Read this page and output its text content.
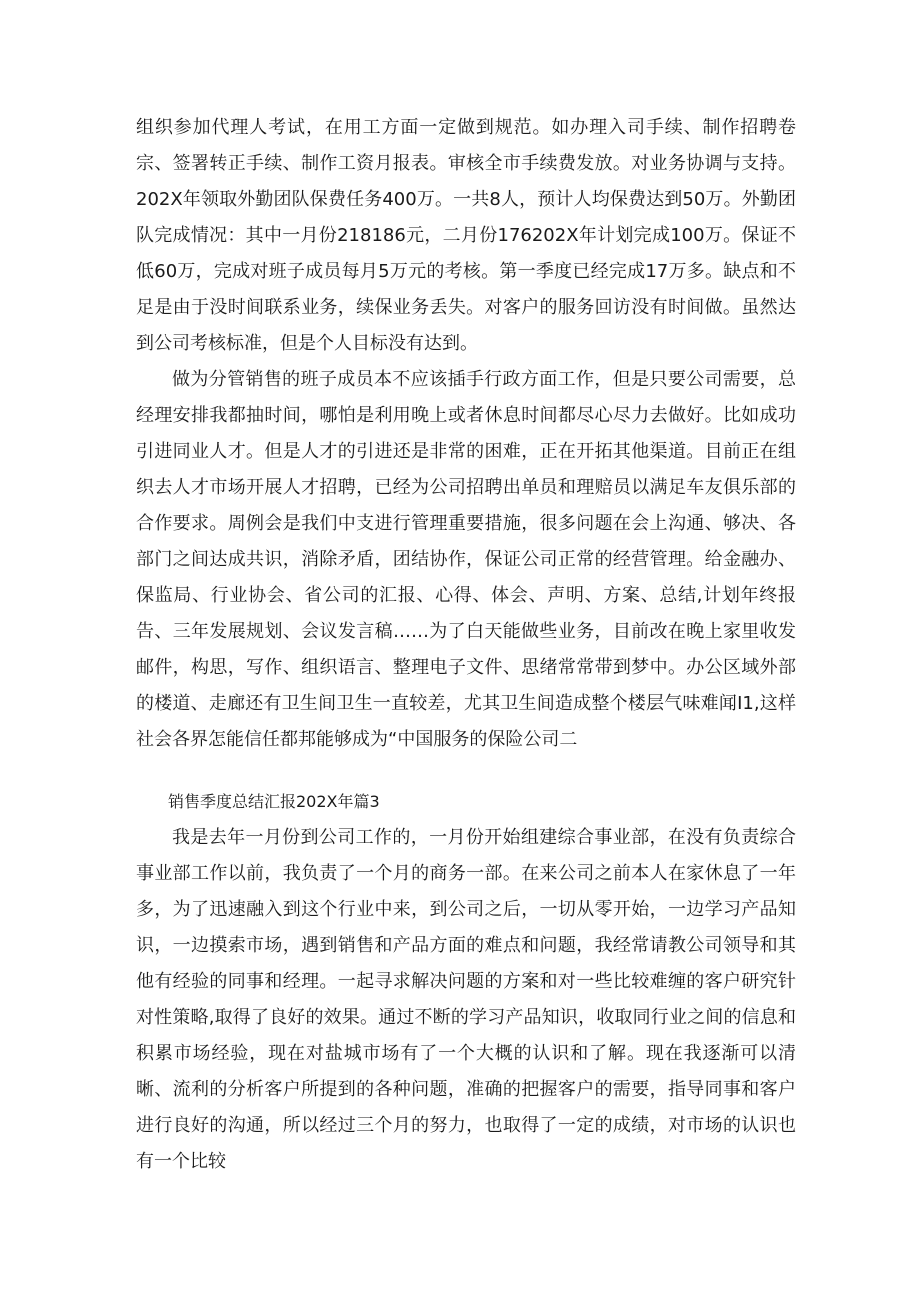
组织参加代理人考试，在用工方面一定做到规范。如办理入司手续、制作招聘卷宗、签署转正手续、制作工资月报表。审核全市手续费发放。对业务协调与支持。202X年领取外勤团队保费任务400万。一共8人，预计人均保费达到50万。外勤团队完成情况：其中一月份218186元，二月份176202X年计划完成100万。保证不低60万，完成对班子成员每月5万元的考核。第一季度已经完成17万多。缺点和不足是由于没时间联系业务，续保业务丢失。对客户的服务回访没有时间做。虽然达到公司考核标准，但是个人目标没有达到。

做为分管销售的班子成员本不应该插手行政方面工作，但是只要公司需要，总经理安排我都抽时间，哪怕是利用晚上或者休息时间都尽心尽力去做好。比如成功引进同业人才。但是人才的引进还是非常的困难，正在开拓其他渠道。目前正在组织去人才市场开展人才招聘，已经为公司招聘出单员和理赔员以满足车友俱乐部的合作要求。周例会是我们中支进行管理重要措施，很多问题在会上沟通、够决、各部门之间达成共识，消除矛盾，团结协作，保证公司正常的经营管理。给金融办、保监局、行业协会、省公司的汇报、心得、体会、声明、方案、总结,计划年终报告、三年发展规划、会议发言稿……为了白天能做些业务，目前改在晚上家里收发邮件，构思，写作、组织语言、整理电子文件、思绪常常带到梦中。办公区域外部的楼道、走廊还有卫生间卫生一直较差，尤其卫生间造成整个楼层气味难闻I1,这样社会各界怎能信任都邦能够成为“中国服务的保险公司二

销售季度总结汇报202X年篇3

我是去年一月份到公司工作的，一月份开始组建综合事业部，在没有负责综合事业部工作以前，我负责了一个月的商务一部。在来公司之前本人在家休息了一年多，为了迅速融入到这个行业中来，到公司之后，一切从零开始，一边学习产品知识，一边摸索市场，遇到销售和产品方面的难点和问题，我经常请教公司领导和其他有经验的同事和经理。一起寻求解决问题的方案和对一些比较难缠的客户研究针对性策略,取得了良好的效果。通过不断的学习产品知识，收取同行业之间的信息和积累市场经验，现在对盐城市场有了一个大概的认识和了解。现在我逐渐可以清晰、流利的分析客户所提到的各种问题，准确的把握客户的需要，指导同事和客户进行良好的沟通，所以经过三个月的努力，也取得了一定的成绩，对市场的认识也有一个比较
